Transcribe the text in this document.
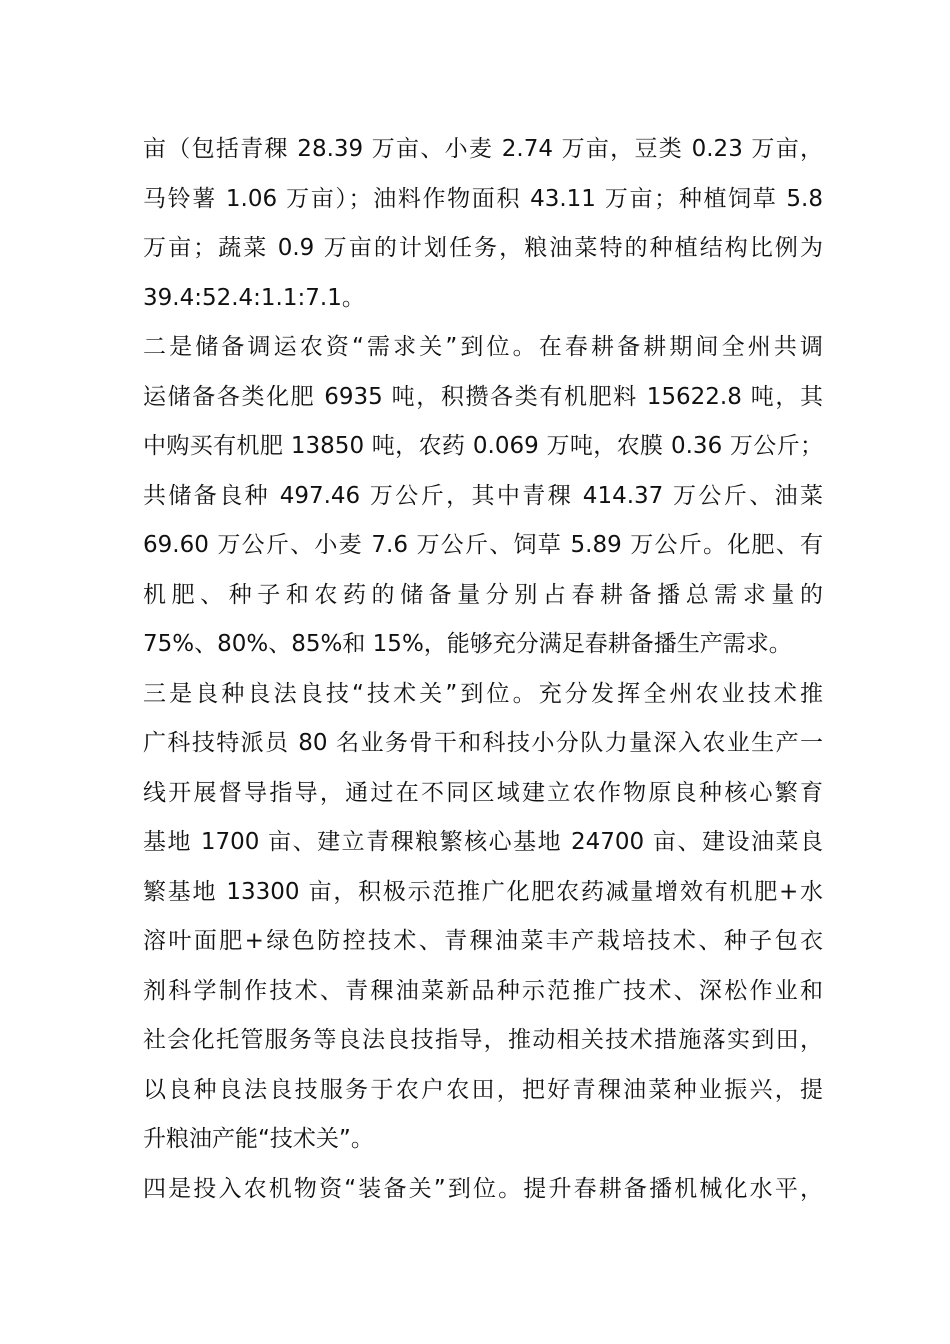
亩（包括青稞 28.39 万亩、小麦 2.74 万亩，豆类 0.23 万亩，
马铃薯 1.06 万亩）；油料作物面积 43.11 万亩；种植饲草 5.8
万亩；蔬菜 0.9 万亩的计划任务，粮油菜特的种植结构比例为
39.4:52.4:1.1:7.1。
二是储备调运农资“需求关”到位。在春耕备耕期间全州共调
运储备各类化肥 6935 吨，积攒各类有机肥料 15622.8 吨，其
中购买有机肥 13850 吨，农药 0.069 万吨，农膜 0.36 万公斤；
共储备良种 497.46 万公斤，其中青稞 414.37 万公斤、油菜
69.60 万公斤、小麦 7.6 万公斤、饲草 5.89 万公斤。化肥、有
机肥、种子和农药的储备量分别占春耕备播总需求量的
75%、80%、85%和 15%，能够充分满足春耕备播生产需求。
三是良种良法良技“技术关”到位。充分发挥全州农业技术推
广科技特派员 80 名业务骨干和科技小分队力量深入农业生产一
线开展督导指导，通过在不同区域建立农作物原良种核心繁育
基地 1700 亩、建立青稞粮繁核心基地 24700 亩、建设油菜良
繁基地 13300 亩，积极示范推广化肥农药减量增效有机肥+水
溶叶面肥+绿色防控技术、青稞油菜丰产栽培技术、种子包衣
剂科学制作技术、青稞油菜新品种示范推广技术、深松作业和
社会化托管服务等良法良技指导，推动相关技术措施落实到田，
以良种良法良技服务于农户农田，把好青稞油菜种业振兴，提
升粮油产能“技术关”。
四是投入农机物资“装备关”到位。提升春耕备播机械化水平，
